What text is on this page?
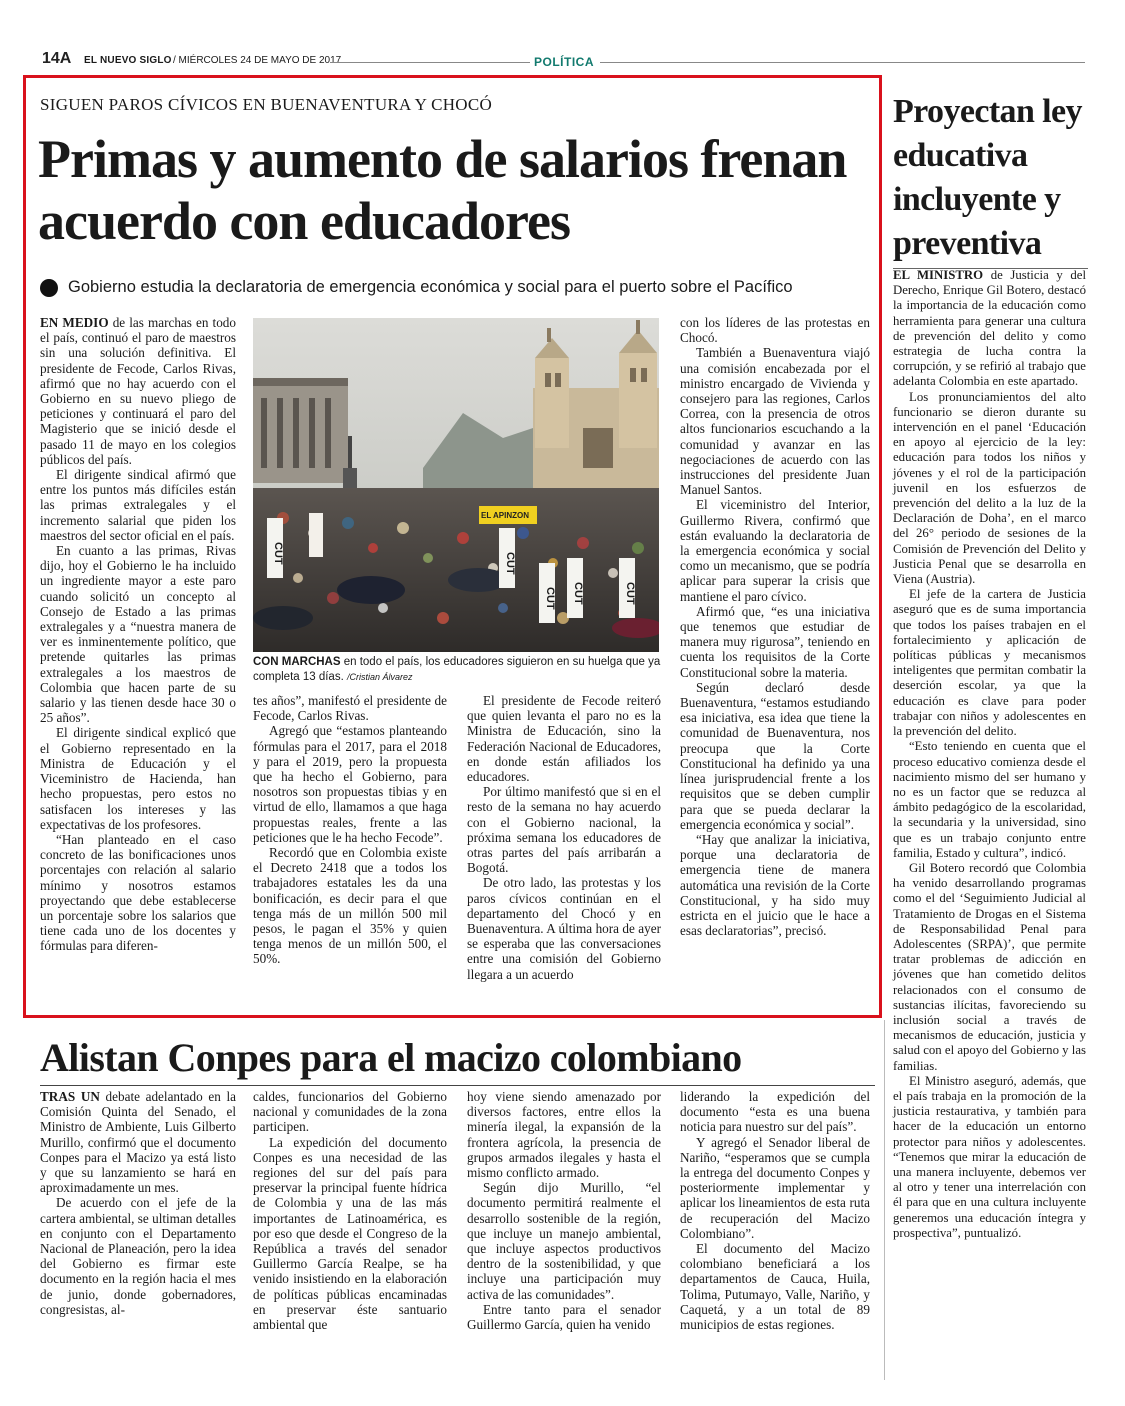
14A EL NUEVO SIGLO / MIÉRCOLES 24 DE MAYO DE 2017	POLÍTICA
SIGUEN PAROS CÍVICOS EN BUENAVENTURA Y CHOCÓ
Primas y aumento de salarios frenan acuerdo con educadores
Gobierno estudia la declaratoria de emergencia económica y social para el puerto sobre el Pacífico
EL APINZON
CUT	CUT
CUT CUT	CUT
CON MARCHAS en todo el país, los educadores siguieron en su huelga que ya completa 13 días. /Cristian Álvarez

EN MEDIO de las marchas en todo el país, continuó el paro de maestros sin una solución definitiva. El presidente de Fecode, Carlos Rivas, afirmó que no hay acuerdo con el Gobierno en su nuevo pliego de peticiones y continuará el paro del Magisterio que se inició desde el pasado 11 de mayo en los colegios públicos del país.

El dirigente sindical afirmó que entre los puntos más difíciles están las primas extralegales y el incremento salarial que piden los maestros del sector oficial en el país.

En cuanto a las primas, Rivas dijo, hoy el Gobierno le ha incluido un ingrediente mayor a este paro cuando solicitó un concepto al Consejo de Estado a las primas extralegales y a “nuestra manera de ver es inminentemente político, que pretende quitarles las primas extralegales a los maestros de Colombia que hacen parte de su salario y las tienen desde hace 30 o 25 años”.

El dirigente sindical explicó que el Gobierno representado en la Ministra de Educación y el Viceministro de Hacienda, han hecho propuestas, pero estos no satisfacen los intereses y las expectativas de los profesores.

“Han planteado en el caso concreto de las bonificaciones unos porcentajes con relación al salario mínimo y nosotros estamos proyectando que debe establecerse un porcentaje sobre los salarios que tiene cada uno de los docentes y fórmulas para diferen-

tes años”, manifestó el presidente de Fecode, Carlos Rivas.

Agregó que “estamos planteando fórmulas para el 2017, para el 2018 y para el 2019, pero la propuesta que ha hecho el Gobierno, para nosotros son propuestas tibias y en virtud de ello, llamamos a que haga propuestas reales, frente a las peticiones que le ha hecho Fecode”.

Recordó que en Colombia existe el Decreto 2418 que a todos los trabajadores estatales les da una bonificación, es decir para el que tenga más de un millón 500 mil pesos, le pagan el 35% y quien tenga menos de un millón 500, el 50%.

El presidente de Fecode reiteró que quien levanta el paro no es la Ministra de Educación, sino la Federación Nacional de Educadores, en donde están afiliados los educadores.

Por último manifestó que si en el resto de la semana no hay acuerdo con el Gobierno nacional, la próxima semana los educadores de otras partes del país arribarán a Bogotá.

De otro lado, las protestas y los paros cívicos continúan en el departamento del Chocó y en Buenaventura. A última hora de ayer se esperaba que las conversaciones entre una comisión del Gobierno llegara a un acuerdo

con los líderes de las protestas en Chocó.

También a Buenaventura viajó una comisión encabezada por el ministro encargado de Vivienda y consejero para las regiones, Carlos Correa, con la presencia de otros altos funcionarios escuchando a la comunidad y avanzar en las negociaciones de acuerdo con las instrucciones del presidente Juan Manuel Santos.

El viceministro del Interior, Guillermo Rivera, confirmó que están evaluando la declaratoria de la emergencia económica y social como un mecanismo, que se podría aplicar para superar la crisis que mantiene el paro cívico.

Afirmó que, “es una iniciativa que tenemos que estudiar de manera muy rigurosa”, teniendo en cuenta los requisitos de la Corte Constitucional sobre la materia.

Según declaró desde Buenaventura, “estamos estudiando esa iniciativa, esa idea que tiene la comunidad de Buenaventura, nos preocupa que la Corte Constitucional ha definido ya una línea jurisprudencial frente a los requisitos que se deben cumplir para que se pueda declarar la emergencia económica y social”.

“Hay que analizar la iniciativa, porque una declaratoria de emergencia tiene de manera automática una revisión de la Corte Constitucional, y ha sido muy estricta en el juicio que le hace a esas declaratorias”, precisó.

Proyectan ley educativa incluyente y preventiva

EL MINISTRO de Justicia y del Derecho, Enrique Gil Botero, destacó la importancia de la educación como herramienta para generar una cultura de prevención del delito y como estrategia de lucha contra la corrupción, y se refirió al trabajo que adelanta Colombia en este apartado.

Los pronunciamientos del alto funcionario se dieron durante su intervención en el panel ‘Educación en apoyo al ejercicio de la ley: educación para todos los niños y jóvenes y el rol de la participación juvenil en los esfuerzos de prevención del delito a la luz de la Declaración de Doha’, en el marco del 26° periodo de sesiones de la Comisión de Prevención del Delito y Justicia Penal que se desarrolla en Viena (Austria).

El jefe de la cartera de Justicia aseguró que es de suma importancia que todos los países trabajen en el fortalecimiento y aplicación de políticas públicas y mecanismos inteligentes que permitan combatir la deserción escolar, ya que la educación es clave para poder trabajar con niños y adolescentes en la prevención del delito.

“Esto teniendo en cuenta que el proceso educativo comienza desde el nacimiento mismo del ser humano y no es un factor que se reduzca al ámbito pedagógico de la escolaridad, la secundaria y la universidad, sino que es un trabajo conjunto entre familia, Estado y cultura”, indicó.

Gil Botero recordó que Colombia ha venido desarrollando programas como el del ‘Seguimiento Judicial al Tratamiento de Drogas en el Sistema de Responsabilidad Penal para Adolescentes (SRPA)’, que permite tratar problemas de adicción en jóvenes que han cometido delitos relacionados con el consumo de sustancias ilícitas, favoreciendo su inclusión social a través de mecanismos de educación, justicia y salud con el apoyo del Gobierno y las familias.

El Ministro aseguró, además, que el país trabaja en la promoción de la justicia restaurativa, y también para hacer de la educación un entorno protector para niños y adolescentes. “Tenemos que mirar la educación de una manera incluyente, debemos ver al otro y tener una interrelación con él para que en una cultura incluyente generemos una educación íntegra y prospectiva”, puntualizó.

Alistan Conpes para el macizo colombiano

TRAS UN debate adelantado en la Comisión Quinta del Senado, el Ministro de Ambiente, Luis Gilberto Murillo, confirmó que el documento Conpes para el Macizo ya está listo y que su lanzamiento se hará en aproximadamente un mes.

De acuerdo con el jefe de la cartera ambiental, se ultiman detalles en conjunto con el Departamento Nacional de Planeación, pero la idea del Gobierno es firmar este documento en la región hacia el mes de junio, donde gobernadores, congresistas, al-

caldes, funcionarios del Gobierno nacional y comunidades de la zona participen.

La expedición del documento Conpes es una necesidad de las regiones del sur del país para preservar la principal fuente hídrica de Colombia y una de las más importantes de Latinoamérica, es por eso que desde el Congreso de la República a través del senador Guillermo García Realpe, se ha venido insistiendo en la elaboración de políticas públicas encaminadas en preservar éste santuario ambiental que

hoy viene siendo amenazado por diversos factores, entre ellos la minería ilegal, la expansión de la frontera agrícola, la presencia de grupos armados ilegales y hasta el mismo conflicto armado.

Según dijo Murillo, “el documento permitirá realmente el desarrollo sostenible de la región, que incluye un manejo ambiental, que incluye aspectos productivos dentro de la sostenibilidad, y que incluye una participación muy activa de las comunidades”.

Entre tanto para el senador Guillermo García, quien ha venido

liderando la expedición del documento “esta es una buena noticia para nuestro sur del país”.

Y agregó el Senador liberal de Nariño, “esperamos que se cumpla la entrega del documento Conpes y posteriormente implementar y aplicar los lineamientos de esta ruta de recuperación del Macizo Colombiano”.

El documento del Macizo colombiano beneficiará a los departamentos de Cauca, Huila, Tolima, Putumayo, Valle, Nariño, y Caquetá, y a un total de 89 municipios de estas regiones.
